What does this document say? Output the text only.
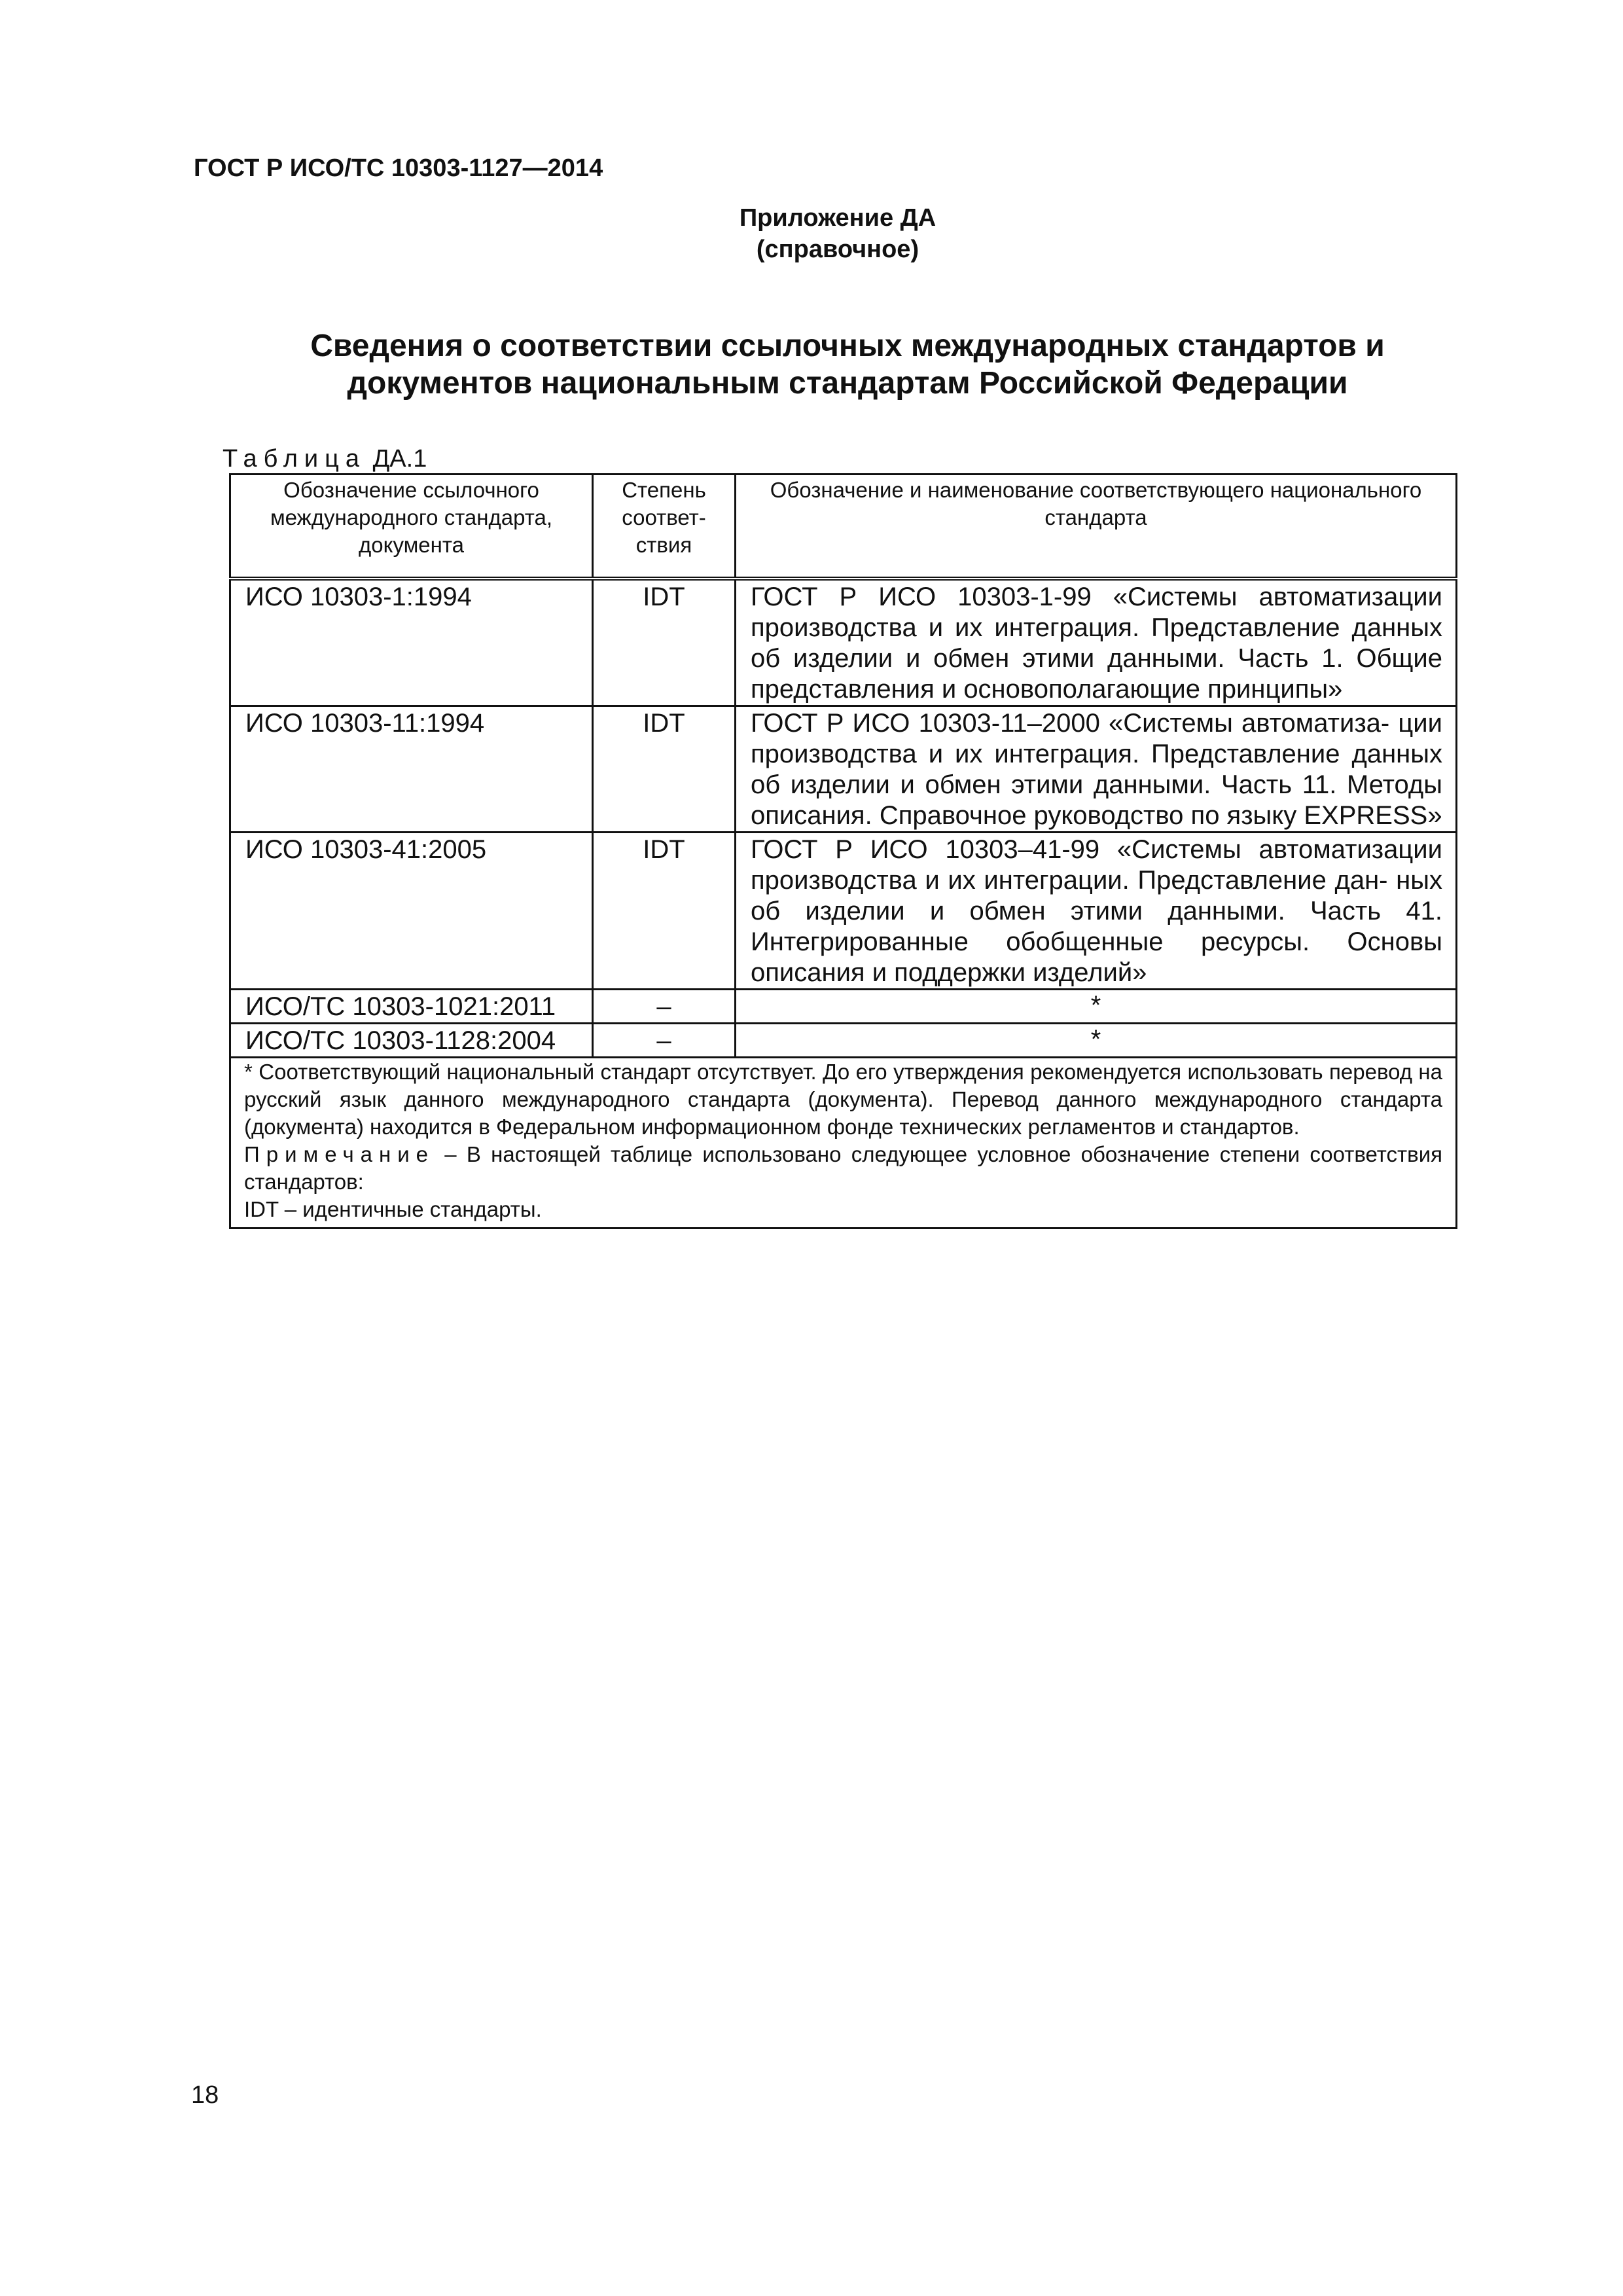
ГОСТ Р ИСО/ТС 10303-1127—2014
Приложение ДА
(справочное)
Сведения о соответствии ссылочных международных стандартов и
документов национальным стандартам Российской Федерации
Таблица ДА.1
Обозначение ссылочного международного стандарта, документа	Степень соответ- ствия	Обозначение и наименование соответствующего национального стандарта
ИСО 10303-1:1994	IDT	ГОСТ Р ИСО 10303-1-99 «Системы автоматизации производства и их интеграция. Представление данных об изделии и обмен этими данными. Часть 1. Общие представления и основополагающие принципы»
ИСО 10303-11:1994	IDT	ГОСТ Р ИСО 10303-11–2000 «Системы автоматиза- ции производства и их интеграция. Представление данных об изделии и обмен этими данными. Часть 11. Методы описания. Справочное руководство по языку EXPRESS»
ИСО 10303-41:2005	IDT	ГОСТ Р ИСО 10303–41-99 «Системы автоматизации производства и их интеграции. Представление дан- ных об изделии и обмен этими данными. Часть 41. Интегрированные обобщенные ресурсы. Основы описания и поддержки изделий»
ИСО/ТС 10303-1021:2011	–	*
ИСО/ТС 10303-1128:2004	–	*

* Соответствующий национальный стандарт отсутствует. До его утверждения рекомендуется использовать перевод на русский язык данного международного стандарта (документа). Перевод данного международного стандарта (документа) находится в Федеральном информационном фонде технических регламентов и стандартов.

Примечание – В настоящей таблице использовано следующее условное обозначение степени соответствия стандартов:

IDT – идентичные стандарты.		

18
